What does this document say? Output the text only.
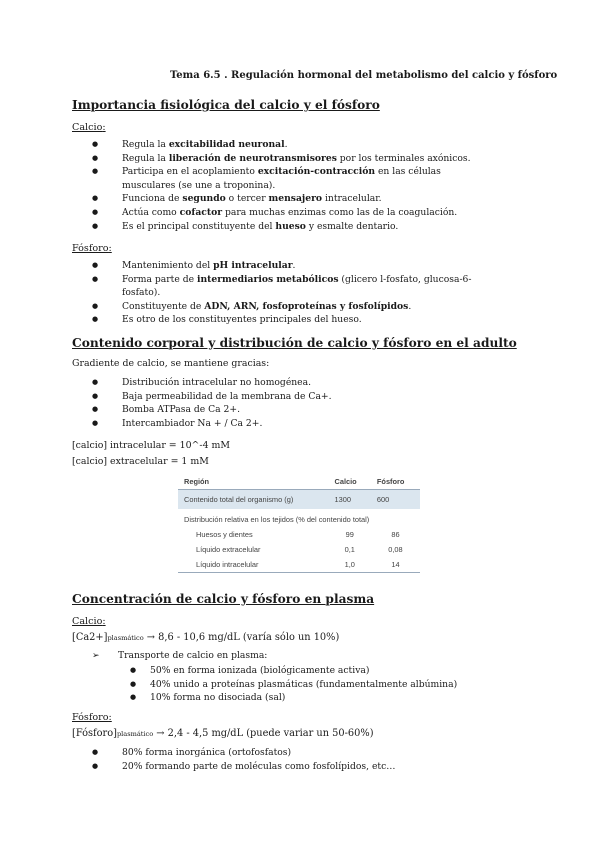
Tema 6.5 . Regulación hormonal del metabolismo del calcio y fósforo
Importancia fisiológica del calcio y el fósforo
Calcio:
● Regula la excitabilidad neuronal.
● Regula la liberación de neurotransmisores por los terminales axónicos.
● Participa en el acoplamiento excitación-contracción en las células musculares (se une a troponina).
● Funciona de segundo o tercer mensajero intracelular.
● Actúa como cofactor para muchas enzimas como las de la coagulación.
● Es el principal constituyente del hueso y esmalte dentario.
Fósforo:
● Mantenimiento del pH intracelular.
● Forma parte de intermediarios metabólicos (glicero l-fosfato, glucosa-6-fosfato).
● Constituyente de ADN, ARN, fosfoproteínas y fosfolípidos.
● Es otro de los constituyentes principales del hueso.
Contenido corporal y distribución de calcio y fósforo en el adulto
Gradiente de calcio, se mantiene gracias:
● Distribución intracelular no homogénea.
● Baja permeabilidad de la membrana de Ca+.
● Bomba ATPasa de Ca 2+.
● Intercambiador Na + / Ca 2+.
[calcio] intracelular = 10^-4 mM
[calcio] extracelular = 1 mM
Región	Calcio	Fósforo
Contenido total del organismo (g)	1300	600
Distribución relativa en los tejidos (% del contenido total)		
Huesos y dientes	99	86
Líquido extracelular	0,1	0,08
Líquido intracelular	1,0	14
Concentración de calcio y fósforo en plasma
Calcio:
[Ca2+]plasmático → 8,6 - 10,6 mg/dL (varía sólo un 10%)
➢ Transporte de calcio en plasma:
● 50% en forma ionizada (biológicamente activa)
● 40% unido a proteínas plasmáticas (fundamentalmente albúmina)
● 10% forma no disociada (sal)
Fósforo:
[Fósforo]plasmático → 2,4 - 4,5 mg/dL (puede variar un 50-60%)
● 80% forma inorgánica (ortofosfatos)
● 20% formando parte de moléculas como fosfolípidos, etc…
